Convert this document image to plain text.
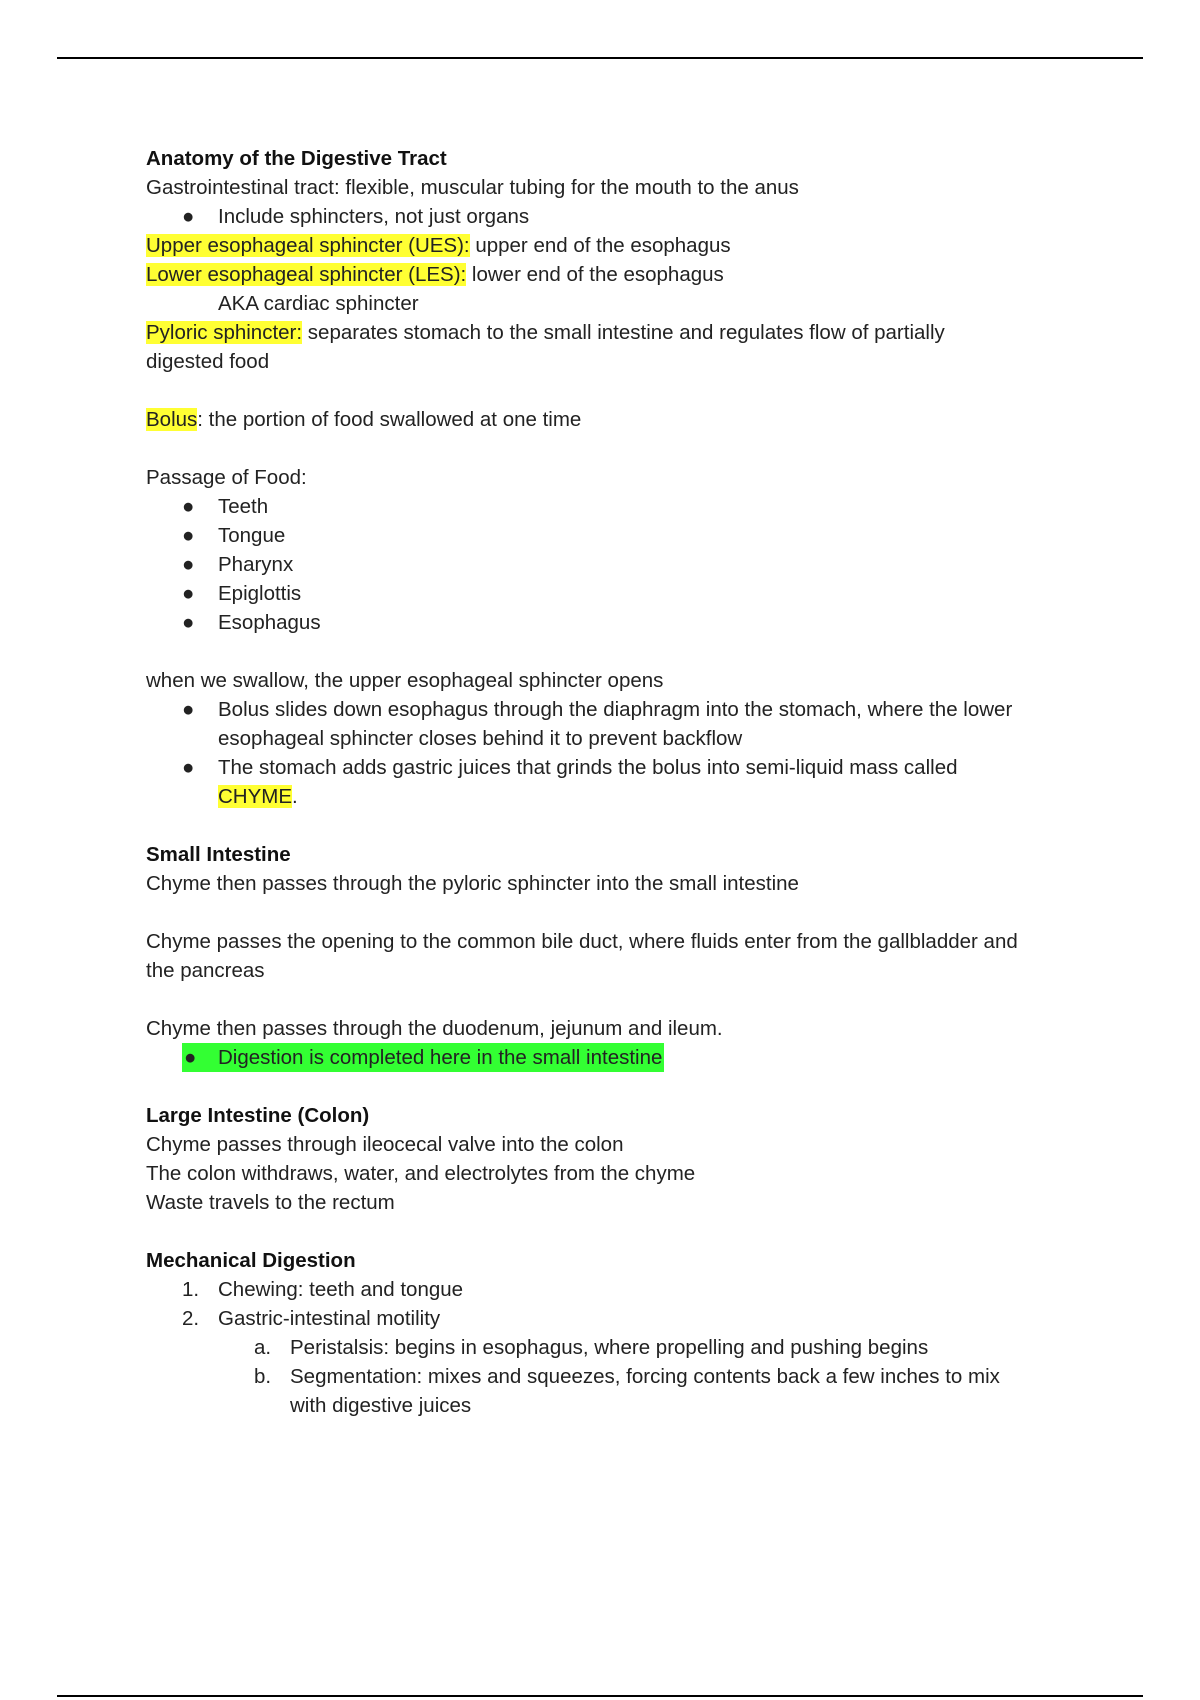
Anatomy of the Digestive Tract
Gastrointestinal tract: flexible, muscular tubing for the mouth to the anus
● Include sphincters, not just organs
Upper esophageal sphincter (UES): upper end of the esophagus
Lower esophageal sphincter (LES): lower end of the esophagus
AKA cardiac sphincter
Pyloric sphincter: separates stomach to the small intestine and regulates flow of partially
digested food
Bolus: the portion of food swallowed at one time
Passage of Food:
● Teeth
● Tongue
● Pharynx
● Epiglottis
● Esophagus
when we swallow, the upper esophageal sphincter opens
● Bolus slides down esophagus through the diaphragm into the stomach, where the lower
esophageal sphincter closes behind it to prevent backflow
● The stomach adds gastric juices that grinds the bolus into semi-liquid mass called
CHYME.
Small Intestine
Chyme then passes through the pyloric sphincter into the small intestine
Chyme passes the opening to the common bile duct, where fluids enter from the gallbladder and
the pancreas
Chyme then passes through the duodenum, jejunum and ileum.
● Digestion is completed here in the small intestine
Large Intestine (Colon)
Chyme passes through ileocecal valve into the colon
The colon withdraws, water, and electrolytes from the chyme
Waste travels to the rectum
Mechanical Digestion
1. Chewing: teeth and tongue
2. Gastric-intestinal motility
a. Peristalsis: begins in esophagus, where propelling and pushing begins
b. Segmentation: mixes and squeezes, forcing contents back a few inches to mix
with digestive juices
